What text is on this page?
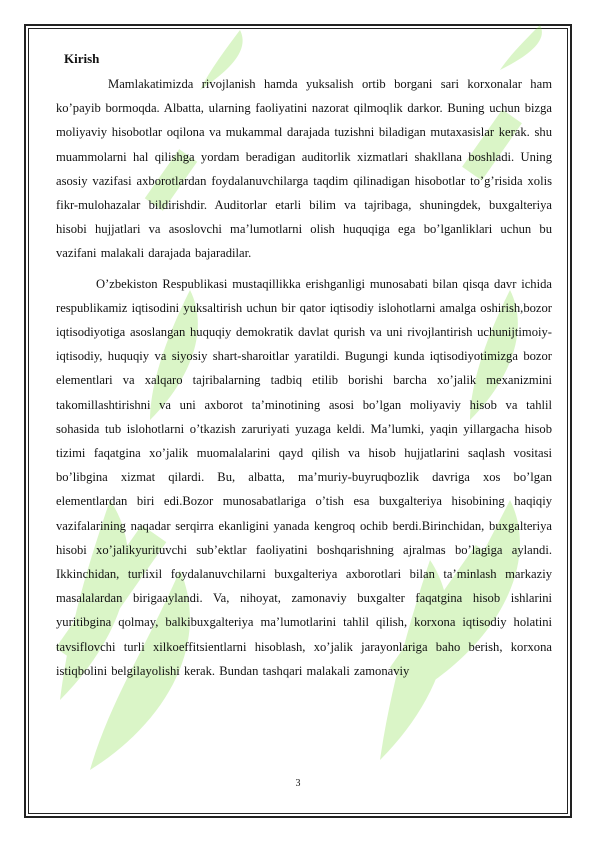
Kirish

Mamlakatimizda rivojlanish hamda yuksalish ortib borgani sari korxonalar ham ko’payib bormoqda. Albatta, ularning faoliyatini nazorat qilmoqlik darkor. Buning uchun bizga moliyaviy hisobotlar oqilona va mukammal darajada tuzishni biladigan mutaxasislar kerak. shu muammolarni hal qilishga yordam beradigan auditorlik xizmatlari shakllana boshladi. Uning asosiy vazifasi axborotlardan foydalanuvchilarga taqdim qilinadigan hisobotlar to’g’risida xolis fikr-mulohazalar bildirishdir. Auditorlar etarli bilim va tajribaga, shuningdek, buxgalteriya hisobi hujjatlari va asoslovchi ma’lumotlarni olish huquqiga ega bo’lganliklari uchun bu vazifani malakali darajada bajaradilar.

O’zbekiston Respublikasi mustaqillikka erishganligi munosabati bilan qisqa davr ichida respublikamiz iqtisodini yuksaltirish uchun bir qator iqtisodiy islohotlarni amalga oshirish,bozor iqtisodiyotiga asoslangan huquqiy demokratik davlat qurish va uni rivojlantirish uchunijtimoiy-iqtisodiy, huquqiy va siyosiy shart-sharoitlar yaratildi. Bugungi kunda iqtisodiyotimizga bozor elementlari va xalqaro tajribalarning tadbiq etilib borishi barcha xo’jalik mexanizmini takomillashtirishni va uni axborot ta’minotining asosi bo’lgan moliyaviy hisob va tahlil sohasida tub islohotlarni o’tkazish zaruriyati yuzaga keldi. Ma’lumki, yaqin yillargacha hisob tizimi faqatgina xo’jalik muomalalarini qayd qilish va hisob hujjatlarini saqlash vositasi bo’libgina xizmat qilardi. Bu, albatta, ma’muriy-buyruqbozlik davriga xos bo’lgan elementlardan biri edi.Bozor munosabatlariga o’tish esa buxgalteriya hisobining haqiqiy vazifalarining naqadar serqirra ekanligini yanada kengroq ochib berdi.Birinchidan, buxgalteriya hisobi xo’jalikyurituvchi sub’ektlar faoliyatini boshqarishning ajralmas bo’lagiga aylandi. Ikkinchidan, turlixil foydalanuvchilarni buxgalteriya axborotlari bilan ta’minlash markaziy masalalardan birigaaylandi. Va, nihoyat, zamonaviy buxgalter faqatgina hisob ishlarini yuritibgina qolmay, balkibuxgalteriya ma’lumotlarini tahlil qilish, korxona iqtisodiy holatini tavsiflovchi turli xilkoeffitsientlarni hisoblash, xo’jalik jarayonlariga baho berish, korxona istiqbolini belgilayolishi kerak. Bundan tashqari malakali zamonaviy

3
